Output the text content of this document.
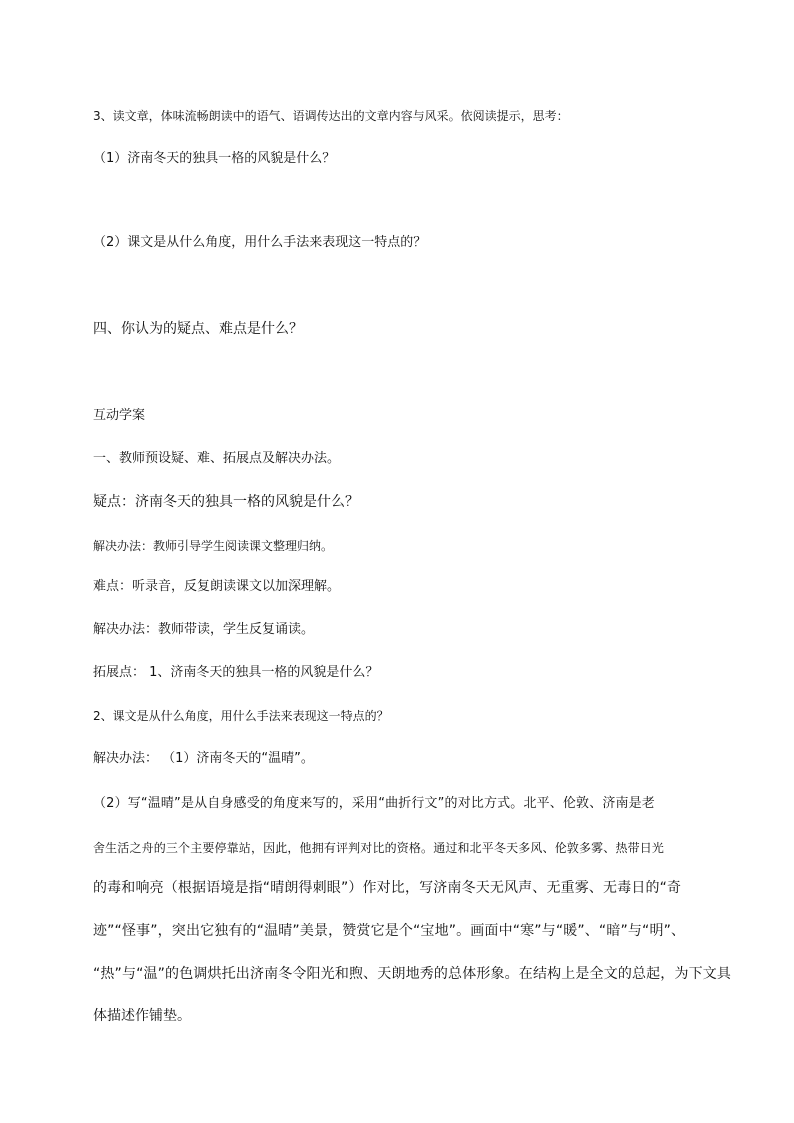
3、读文章，体味流畅朗读中的语气、语调传达出的文章内容与风采。依阅读提示，思考：
（1）济南冬天的独具一格的风貌是什么？
（2）课文是从什么角度，用什么手法来表现这一特点的？
四、你认为的疑点、难点是什么？
互动学案
一、教师预设疑、难、拓展点及解决办法。
疑点：济南冬天的独具一格的风貌是什么？
解决办法：教师引导学生阅读课文整理归纳。
难点：听录音，反复朗读课文以加深理解。
解决办法：教师带读，学生反复诵读。
拓展点： 1、济南冬天的独具一格的风貌是什么？
2、课文是从什么角度，用什么手法来表现这一特点的？
解决办法： （1）济南冬天的“温晴”。
（2）写“温晴”是从自身感受的角度来写的，采用“曲折行文”的对比方式。北平、伦敦、济南是老
舍生活之舟的三个主要停靠站，因此，他拥有评判对比的资格。通过和北平冬天多风、伦敦多雾、热带日光
的毒和响亮（根据语境是指“晴朗得刺眼”）作对比，写济南冬天无风声、无重雾、无毒日的“奇
迹”“怪事”，突出它独有的“温晴”美景，赞赏它是个“宝地”。画面中“寒”与“暖”、“暗”与“明”、
“热”与“温”的色调烘托出济南冬令阳光和煦、天朗地秀的总体形象。在结构上是全文的总起，为下文具
体描述作铺垫。
